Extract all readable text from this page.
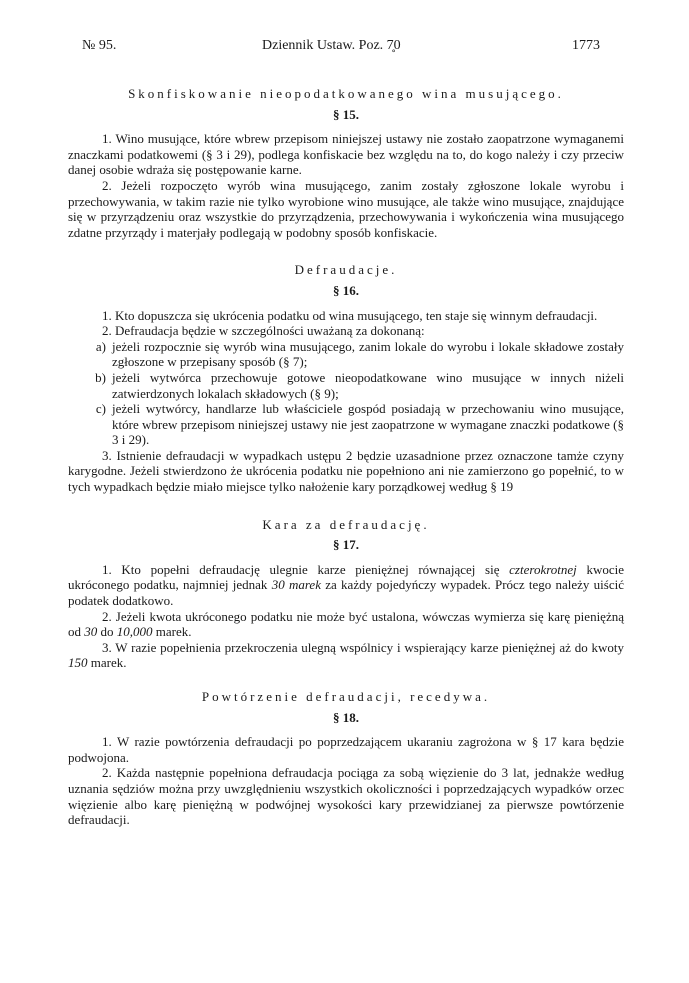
№ 95.	Dziennik Ustaw. Poz. 7̥0	1773

Skonfiskowanie nieopodatkowanego wina musującego.

§ 15.

1. Wino musujące, które wbrew przepisom niniejszej ustawy nie zostało zaopatrzone wymaganemi znaczkami podatkowemi (§ 3 i 29), podlega konfiskacie bez względu na to, do kogo należy i czy przeciw danej osobie wdraża się postępowanie karne.

2. Jeżeli rozpoczęto wyrób wina musującego, zanim zostały zgłoszone lokale wyrobu i przechowywania, w takim razie nie tylko wyrobione wino musujące, ale także wino musujące, znajdujące się w przyrządzeniu oraz wszystkie do przyrządzenia, przechowywania i wykończenia wina musującego zdatne przyrządy i materjały podlegają w podobny sposób konfiskacie.

Defraudacje.

§ 16.

1. Kto dopuszcza się ukrócenia podatku od wina musującego, ten staje się winnym defraudacji.

2. Defraudacja będzie w szczególności uważaną za dokonaną:

a) jeżeli rozpocznie się wyrób wina musującego, zanim lokale do wyrobu i lokale składowe zostały zgłoszone w przepisany sposób (§ 7);
b) jeżeli wytwórca przechowuje gotowe nieopodatkowane wino musujące w innych niżeli zatwierdzonych lokalach składowych (§ 9);
c) jeżeli wytwórcy, handlarze lub właściciele gospód posiadają w przechowaniu wino musujące, które wbrew przepisom niniejszej ustawy nie jest zaopatrzone w wymagane znaczki podatkowe (§ 3 i 29).

3. Istnienie defraudacji w wypadkach ustępu 2 będzie uzasadnione przez oznaczone tamże czyny karygodne. Jeżeli stwierdzono że ukrócenia podatku nie popełniono ani nie zamierzono go popełnić, to w tych wypadkach będzie miało miejsce tylko nałożenie kary porządkowej według § 19

Kara za defraudację.

§ 17.

1. Kto popełni defraudację ulegnie karze pieniężnej równającej się czterokrotnej kwocie ukróconego podatku, najmniej jednak 30 marek za każdy pojedyńczy wypadek. Prócz tego należy uiścić podatek dodatkowo.

2. Jeżeli kwota ukróconego podatku nie może być ustalona, wówczas wymierza się karę pieniężną od 30 do 10,000 marek.

3. W razie popełnienia przekroczenia ulegną wspólnicy i wspierający karze pieniężnej aż do kwoty 150 marek.

Powtórzenie defraudacji, recedywa.

§ 18.

1. W razie powtórzenia defraudacji po poprzedzającem ukaraniu zagrożona w § 17 kara będzie podwojona.

2. Każda następnie popełniona defraudacja pociąga za sobą więzienie do 3 lat, jednakże według uznania sędziów można przy uwzględnieniu wszystkich okoliczności i poprzedzających wypadków orzec więzienie albo karę pieniężną w podwójnej wysokości kary przewidzianej za pierwsze powtórzenie defraudacji.
